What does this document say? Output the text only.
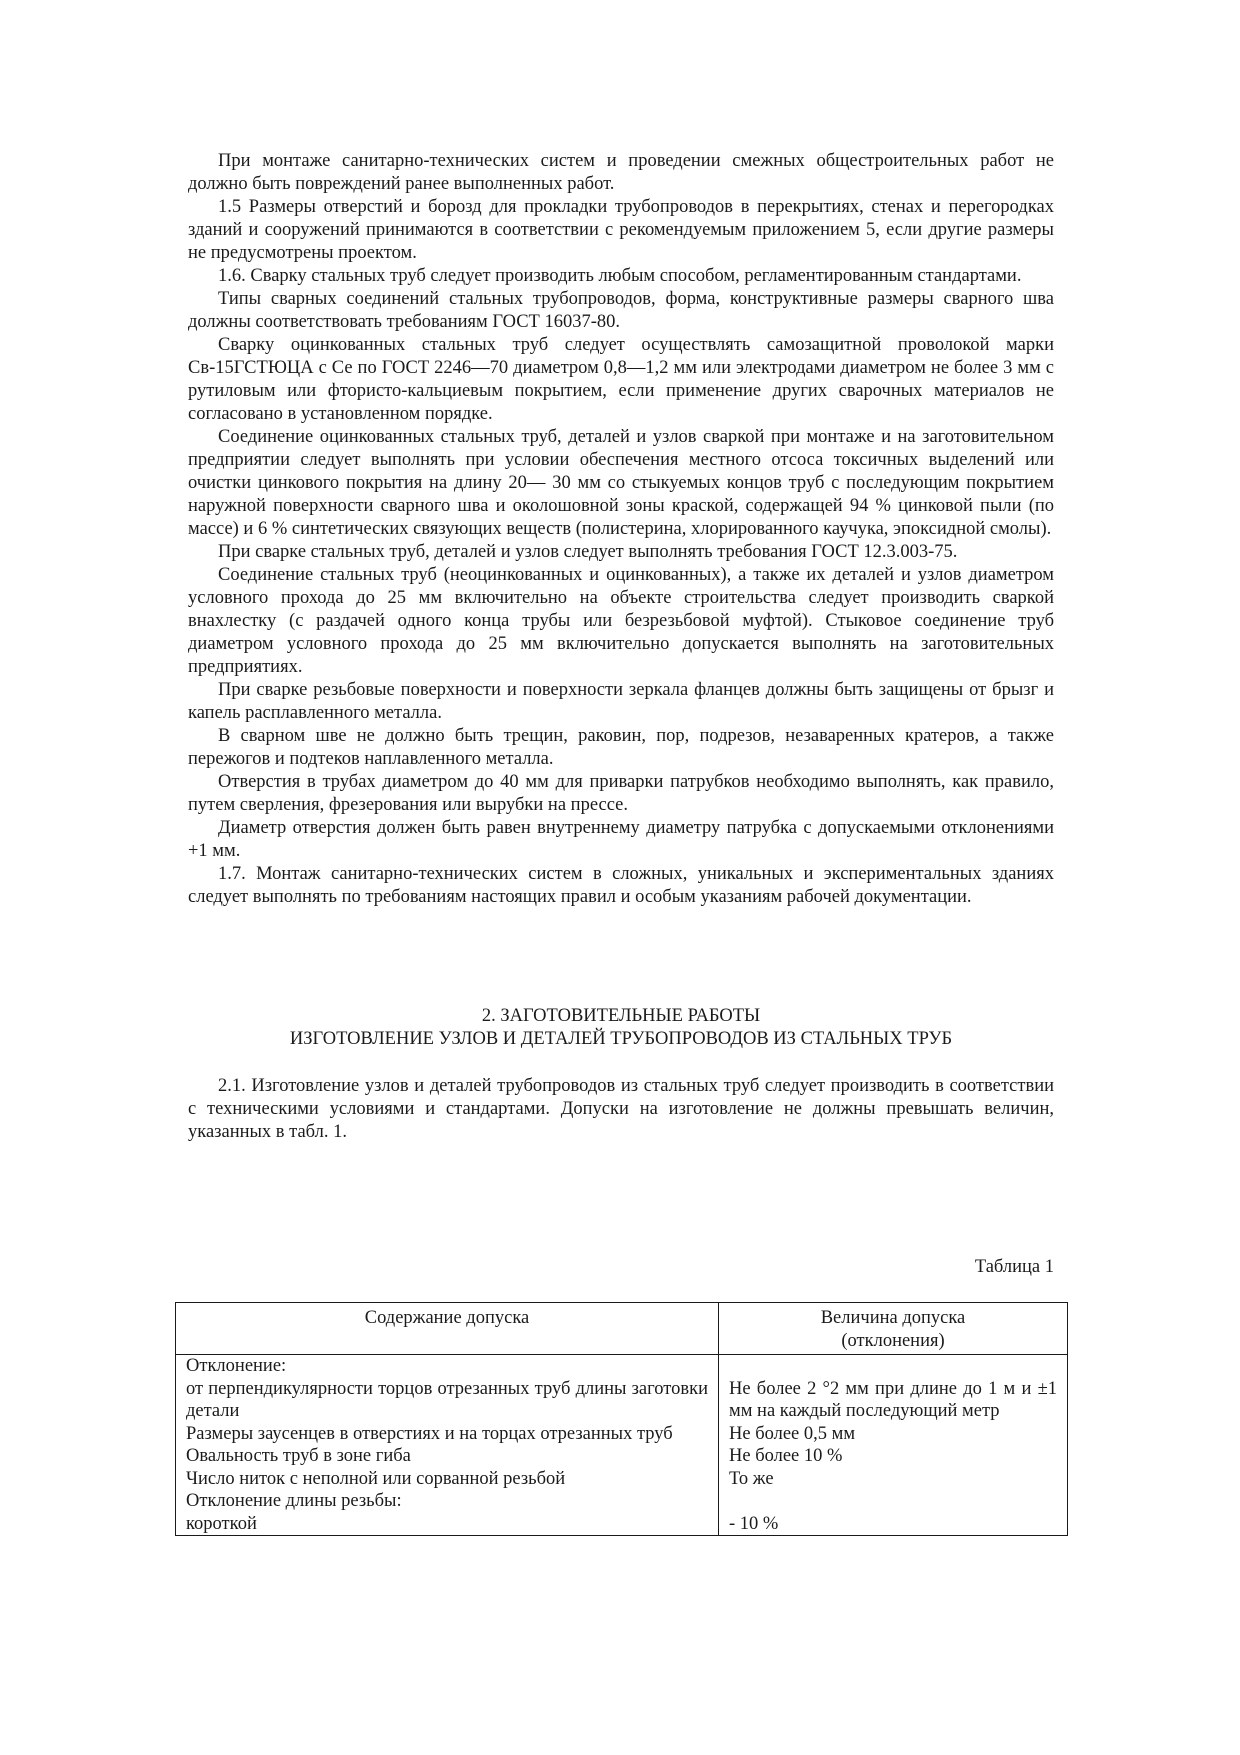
При монтаже санитарно-технических систем и проведении смежных общестроительных работ не должно быть повреждений ранее выполненных работ.

1.5 Размеры отверстий и борозд для прокладки трубопроводов в перекрытиях, стенах и перегородках зданий и сооружений принимаются в соответствии с рекомендуемым приложением 5, если другие размеры не предусмотрены проектом.

1.6. Сварку стальных труб следует производить любым способом, регламентированным стандартами.

Типы сварных соединений стальных трубопроводов, форма, конструктивные размеры сварного шва должны соответствовать требованиям ГОСТ 16037-80.

Сварку оцинкованных стальных труб следует осуществлять самозащитной проволокой марки Св-15ГСТЮЦА с Се по ГОСТ 2246—70 диаметром 0,8—1,2 мм или электродами диаметром не более 3 мм с рутиловым или фтористо-кальциевым покрытием, если применение других сварочных материалов не согласовано в установленном порядке.

Соединение оцинкованных стальных труб, деталей и узлов сваркой при монтаже и на заготовительном предприятии следует выполнять при условии обеспечения местного отсоса токсичных выделений или очистки цинкового покрытия на длину 20— 30 мм со стыкуемых концов труб с последующим покрытием наружной поверхности сварного шва и околошовной зоны краской, содержащей 94 % цинковой пыли (по массе) и 6 % синтетических связующих веществ (полистерина, хлорированного каучука, эпоксидной смолы).

При сварке стальных труб, деталей и узлов следует выполнять требования ГОСТ 12.3.003-75.

Соединение стальных труб (неоцинкованных и оцинкованных), а также их деталей и узлов диаметром условного прохода до 25 мм включительно на объекте строительства следует производить сваркой внахлестку (с раздачей одного конца трубы или безрезьбовой муфтой). Стыковое соединение труб диаметром условного прохода до 25 мм включительно допускается выполнять на заготовительных предприятиях.

При сварке резьбовые поверхности и поверхности зеркала фланцев должны быть защищены от брызг и капель расплавленного металла.

В сварном шве не должно быть трещин, раковин, пор, подрезов, незаваренных кратеров, а также пережогов и подтеков наплавленного металла.

Отверстия в трубах диаметром до 40 мм для приварки патрубков необходимо выполнять, как правило, путем сверления, фрезерования или вырубки на прессе.

Диаметр отверстия должен быть равен внутреннему диаметру патрубка с допускаемыми отклонениями +1 мм.

1.7. Монтаж санитарно-технических систем в сложных, уникальных и экспериментальных зданиях следует выполнять по требованиям настоящих правил и особым указаниям рабочей документации.

2. ЗАГОТОВИТЕЛЬНЫЕ РАБОТЫ
ИЗГОТОВЛЕНИЕ УЗЛОВ И ДЕТАЛЕЙ ТРУБОПРОВОДОВ ИЗ СТАЛЬНЫХ ТРУБ

2.1. Изготовление узлов и деталей трубопроводов из стальных труб следует производить в соответствии с техническими условиями и стандартами. Допуски на изготовление не должны превышать величин, указанных в табл. 1.

Таблица 1
Содержание допуска	Величина допуска (отклонения)
Отклонение:	
от перпендикулярности торцов отрезанных труб длины заготовки детали	Не более 2 °2 мм при длине до 1 м и ±1 мм на каждый последующий метр
Размеры заусенцев в отверстиях и на торцах отрезанных труб	Не более 0,5 мм
Овальность труб в зоне гиба	Не более 10 %
Число ниток с неполной или сорванной резьбой	То же
Отклонение длины резьбы:	
короткой	- 10 %
